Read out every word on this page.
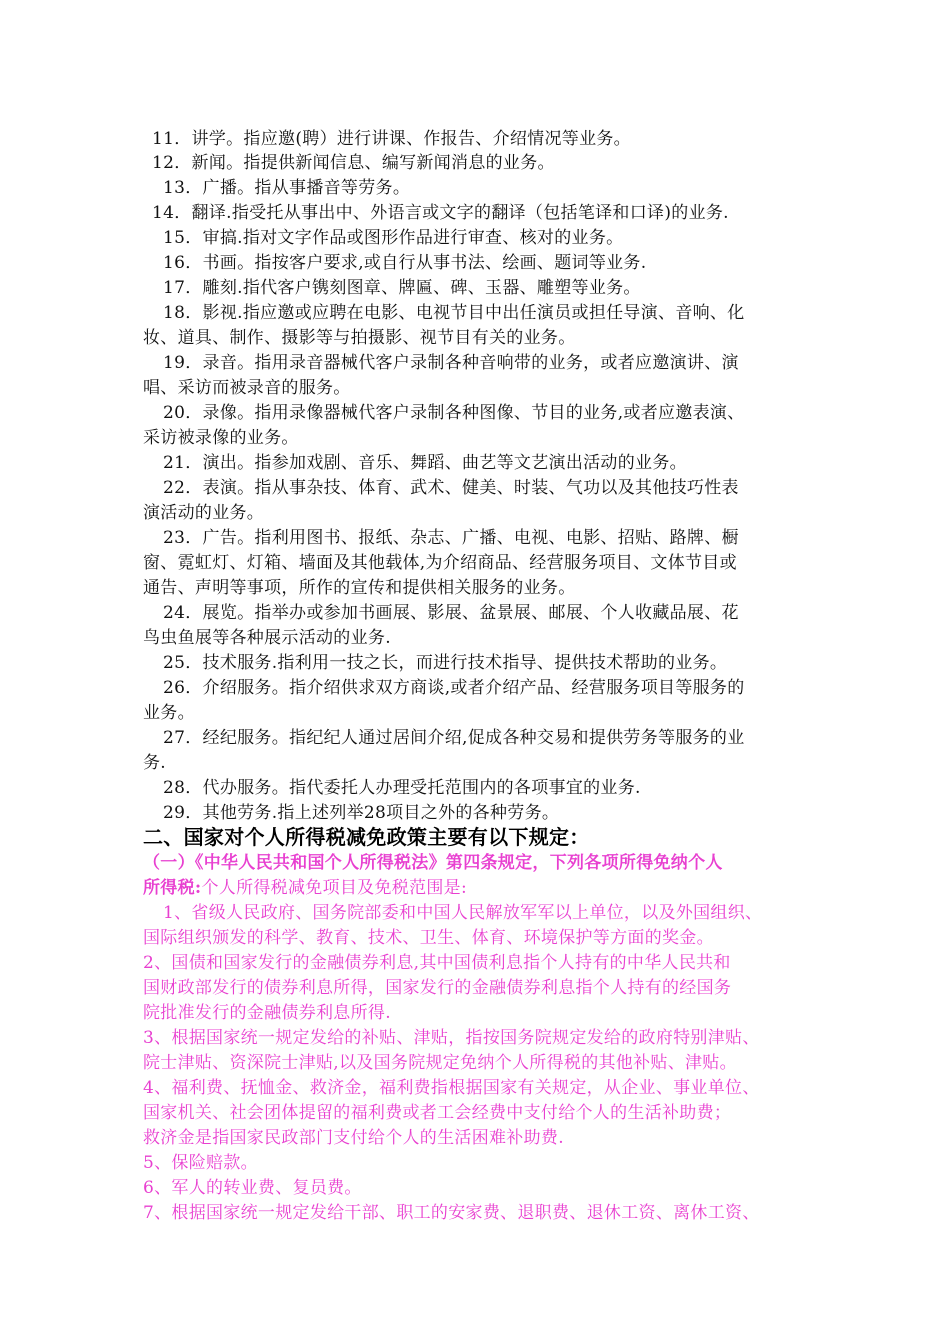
11．讲学。指应邀(聘）进行讲课、作报告、介绍情况等业务。
12．新闻。指提供新闻信息、编写新闻消息的业务。
13．广播。指从事播音等劳务。
14．翻译.指受托从事出中、外语言或文字的翻译（包括笔译和口译)的业务.
15．审搞.指对文字作品或图形作品进行审查、核对的业务。
16．书画。指按客户要求,或自行从事书法、绘画、题词等业务.
17．雕刻.指代客户镌刻图章、牌匾、碑、玉器、雕塑等业务。
18．影视.指应邀或应聘在电影、电视节目中出任演员或担任导演、音响、化
妆、道具、制作、摄影等与拍摄影、视节目有关的业务。
19．录音。指用录音器械代客户录制各种音响带的业务，或者应邀演讲、演
唱、采访而被录音的服务。
20．录像。指用录像器械代客户录制各种图像、节目的业务,或者应邀表演、
采访被录像的业务。
21．演出。指参加戏剧、音乐、舞蹈、曲艺等文艺演出活动的业务。
22．表演。指从事杂技、体育、武术、健美、时装、气功以及其他技巧性表
演活动的业务。
23．广告。指利用图书、报纸、杂志、广播、电视、电影、招贴、路牌、橱
窗、霓虹灯、灯箱、墙面及其他载体,为介绍商品、经营服务项目、文体节目或
通告、声明等事项，所作的宣传和提供相关服务的业务。
24．展览。指举办或参加书画展、影展、盆景展、邮展、个人收藏品展、花
鸟虫鱼展等各种展示活动的业务.
25．技术服务.指利用一技之长，而进行技术指导、提供技术帮助的业务。
26．介绍服务。指介绍供求双方商谈,或者介绍产品、经营服务项目等服务的
业务。
27．经纪服务。指纪纪人通过居间介绍,促成各种交易和提供劳务等服务的业
务.
28．代办服务。指代委托人办理受托范围内的各项事宜的业务.
29．其他劳务.指上述列举28项目之外的各种劳务。
二、国家对个人所得税减免政策主要有以下规定：
（一）《中华人民共和国个人所得税法》第四条规定，下列各项所得免纳个人
所得税:个人所得税减免项目及免税范围是:
1、省级人民政府、国务院部委和中国人民解放军军以上单位，以及外国组织、
国际组织颁发的科学、教育、技术、卫生、体育、环境保护等方面的奖金。
2、国债和国家发行的金融债券利息,其中国债利息指个人持有的中华人民共和
国财政部发行的债券利息所得，国家发行的金融债券利息指个人持有的经国务
院批准发行的金融债券利息所得.
3、根据国家统一规定发给的补贴、津贴，指按国务院规定发给的政府特别津贴、
院士津贴、资深院士津贴,以及国务院规定免纳个人所得税的其他补贴、津贴。
4、福利费、抚恤金、救济金，福利费指根据国家有关规定，从企业、事业单位、
国家机关、社会团体提留的福利费或者工会经费中支付给个人的生活补助费；
救济金是指国家民政部门支付给个人的生活困难补助费.
5、保险赔款。
6、军人的转业费、复员费。
7、根据国家统一规定发给干部、职工的安家费、退职费、退休工资、离休工资、
